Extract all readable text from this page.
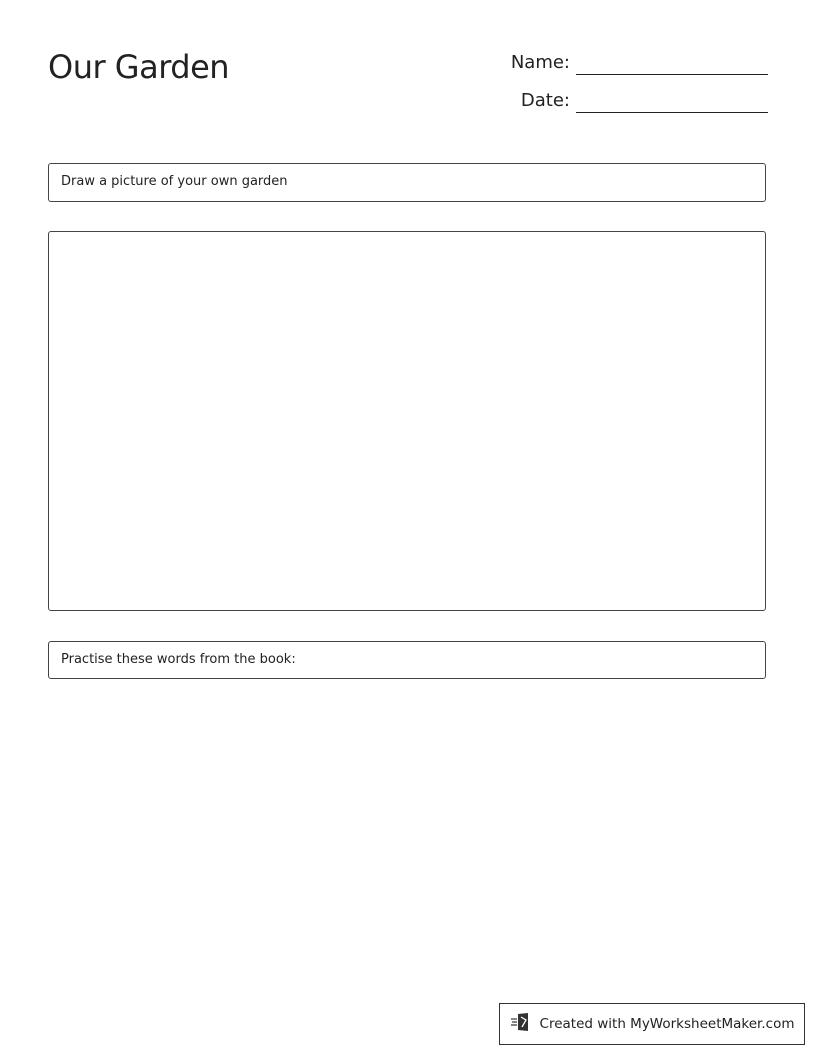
Our Garden	Name:
Date:
Draw a picture of your own garden
Practise these words from the book:
Created with MyWorksheetMaker.com
